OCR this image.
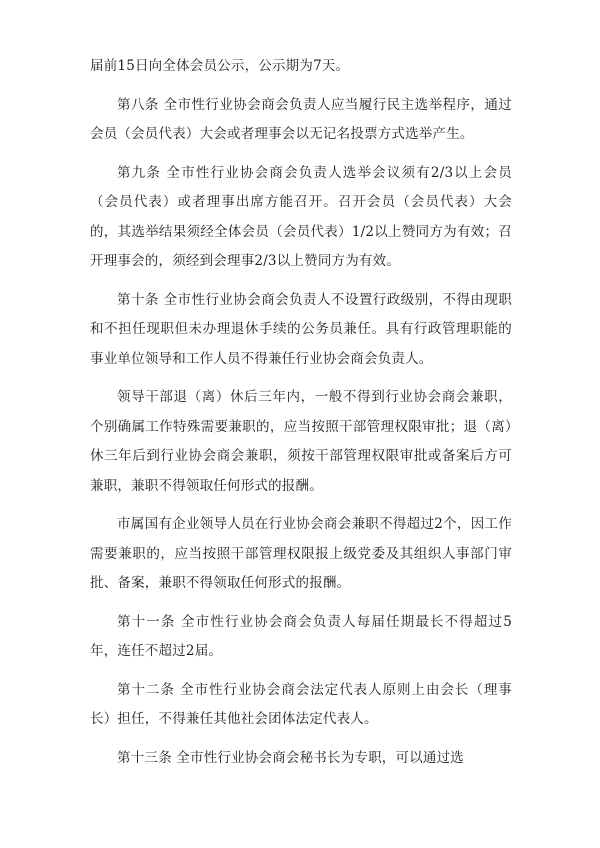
届前15日向全体会员公示，公示期为7天。

第八条 全市性行业协会商会负责人应当履行民主选举程序，通过会员（会员代表）大会或者理事会以无记名投票方式选举产生。

第九条 全市性行业协会商会负责人选举会议须有2/3以上会员（会员代表）或者理事出席方能召开。召开会员（会员代表）大会的，其选举结果须经全体会员（会员代表）1/2以上赞同方为有效；召开理事会的，须经到会理事2/3以上赞同方为有效。

第十条 全市性行业协会商会负责人不设置行政级别，不得由现职和不担任现职但未办理退休手续的公务员兼任。具有行政管理职能的事业单位领导和工作人员不得兼任行业协会商会负责人。

领导干部退（离）休后三年内，一般不得到行业协会商会兼职，个别确属工作特殊需要兼职的，应当按照干部管理权限审批；退（离）休三年后到行业协会商会兼职，须按干部管理权限审批或备案后方可兼职，兼职不得领取任何形式的报酬。

市属国有企业领导人员在行业协会商会兼职不得超过2个，因工作需要兼职的，应当按照干部管理权限报上级党委及其组织人事部门审批、备案，兼职不得领取任何形式的报酬。

第十一条 全市性行业协会商会负责人每届任期最长不得超过5年，连任不超过2届。

第十二条 全市性行业协会商会法定代表人原则上由会长（理事长）担任，不得兼任其他社会团体法定代表人。

第十三条 全市性行业协会商会秘书长为专职，可以通过选
